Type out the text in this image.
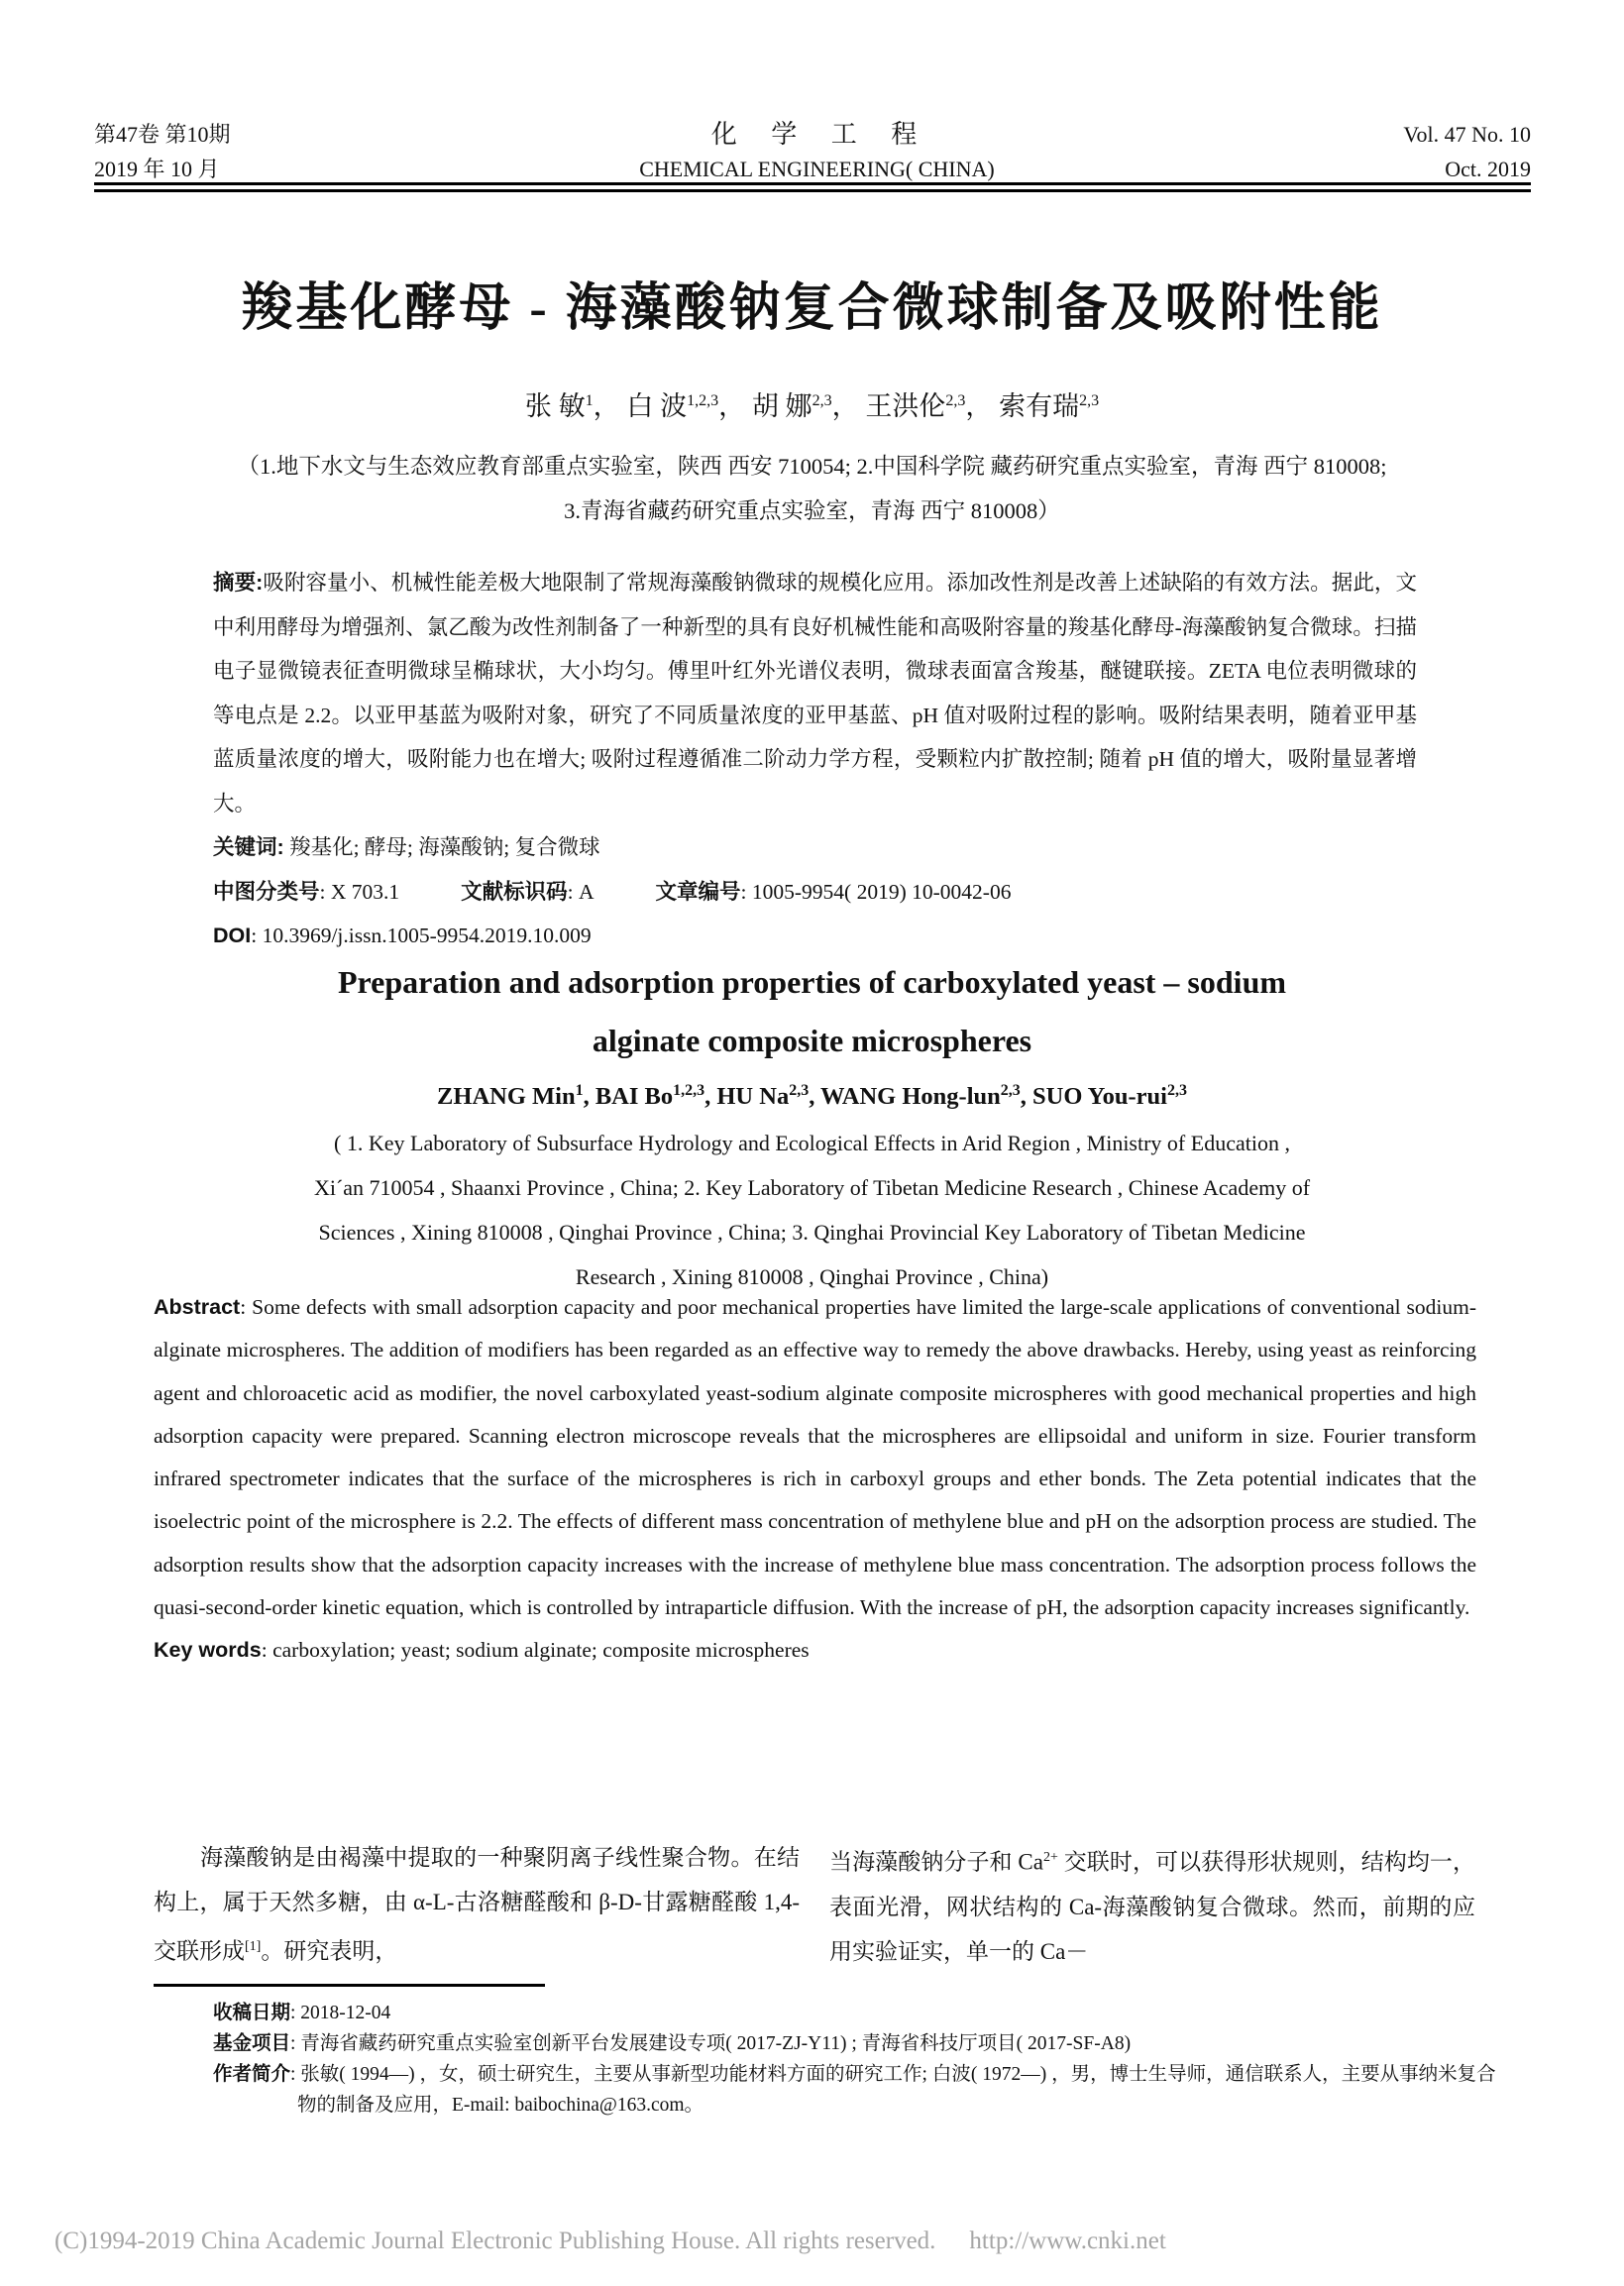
第47卷 第10期
2019 年 10 月
化 学 工 程
CHEMICAL ENGINEERING( CHINA)
Vol. 47 No. 10
Oct. 2019
羧基化酵母 - 海藻酸钠复合微球制备及吸附性能
张 敏$^1$， 白 波$^{1,2,3}$， 胡 娜$^{2,3}$， 王洪伦$^{2,3}$， 索有瑞$^{2,3}$
（1.地下水文与生态效应教育部重点实验室，陕西 西安 710054; 2.中国科学院 藏药研究重点实验室，青海 西宁 810008;
3.青海省藏药研究重点实验室，青海 西宁 810008）

摘要:吸附容量小、机械性能差极大地限制了常规海藻酸钠微球的规模化应用。添加改性剂是改善上述缺陷的有效方法。据此，文中利用酵母为增强剂、氯乙酸为改性剂制备了一种新型的具有良好机械性能和高吸附容量的羧基化酵母-海藻酸钠复合微球。扫描电子显微镜表征查明微球呈椭球状，大小均匀。傅里叶红外光谱仪表明，微球表面富含羧基，醚键联接。ZETA 电位表明微球的等电点是 2.2。以亚甲基蓝为吸附对象，研究了不同质量浓度的亚甲基蓝、pH 值对吸附过程的影响。吸附结果表明，随着亚甲基蓝质量浓度的增大，吸附能力也在增大; 吸附过程遵循准二阶动力学方程，受颗粒内扩散控制; 随着 pH 值的增大，吸附量显著增大。

关键词: 羧基化; 酵母; 海藻酸钠; 复合微球

中图分类号: X 703.1	文献标识码: A	文章编号: 1005-9954( 2019) 10-0042-06

DOI: 10.3969/j.issn.1005-9954.2019.10.009

Preparation and adsorption properties of carboxylated yeast – sodium
alginate composite microspheres

ZHANG Min$^1$, BAI Bo$^{1,2,3}$, HU Na$^{2,3}$, WANG Hong-lun$^{2,3}$, SUO You-rui$^{2,3}$
( 1. Key Laboratory of Subsurface Hydrology and Ecological Effects in Arid Region , Ministry of Education ,
Xi´an 710054 , Shaanxi Province , China; 2. Key Laboratory of Tibetan Medicine Research , Chinese Academy of
Sciences , Xining 810008 , Qinghai Province , China; 3. Qinghai Provincial Key Laboratory of Tibetan Medicine
Research , Xining 810008 , Qinghai Province , China)

Abstract: Some defects with small adsorption capacity and poor mechanical properties have limited the large-scale applications of conventional sodium-alginate microspheres. The addition of modifiers has been regarded as an effective way to remedy the above drawbacks. Hereby, using yeast as reinforcing agent and chloroacetic acid as modifier, the novel carboxylated yeast-sodium alginate composite microspheres with good mechanical properties and high adsorption capacity were prepared. Scanning electron microscope reveals that the microspheres are ellipsoidal and uniform in size. Fourier transform infrared spectrometer indicates that the surface of the microspheres is rich in carboxyl groups and ether bonds. The Zeta potential indicates that the isoelectric point of the microsphere is 2.2. The effects of different mass concentration of methylene blue and pH on the adsorption process are studied. The adsorption results show that the adsorption capacity increases with the increase of methylene blue mass concentration. The adsorption process follows the quasi-second-order kinetic equation, which is controlled by intraparticle diffusion. With the increase of pH, the adsorption capacity increases significantly.

Key words: carboxylation; yeast; sodium alginate; composite microspheres

海藻酸钠是由褐藻中提取的一种聚阴离子线性聚合物。在结构上，属于天然多糖，由 α-L-古洛糖醛酸和 β-D-甘露糖醛酸 1,4-交联形成[1]。研究表明，

当海藻酸钠分子和 $Ca^{2+}$ 交联时，可以获得形状规则，结构均一，表面光滑，网状结构的 Ca-海藻酸钠复合微球。然而，前期的应用实验证实，单一的 Ca－

收稿日期: 2018-12-04

基金项目: 青海省藏药研究重点实验室创新平台发展建设专项( 2017-ZJ-Y11) ; 青海省科技厅项目( 2017-SF-A8)

作者简介: 张敏( 1994—) ，女，硕士研究生，主要从事新型功能材料方面的研究工作; 白波( 1972—) ，男，博士生导师，通信联系人，主要从事纳米复合物的制备及应用，E-mail: baibochina@163.com。

(C)1994-2019 China Academic Journal Electronic Publishing House. All rights reserved. http://www.cnki.net
